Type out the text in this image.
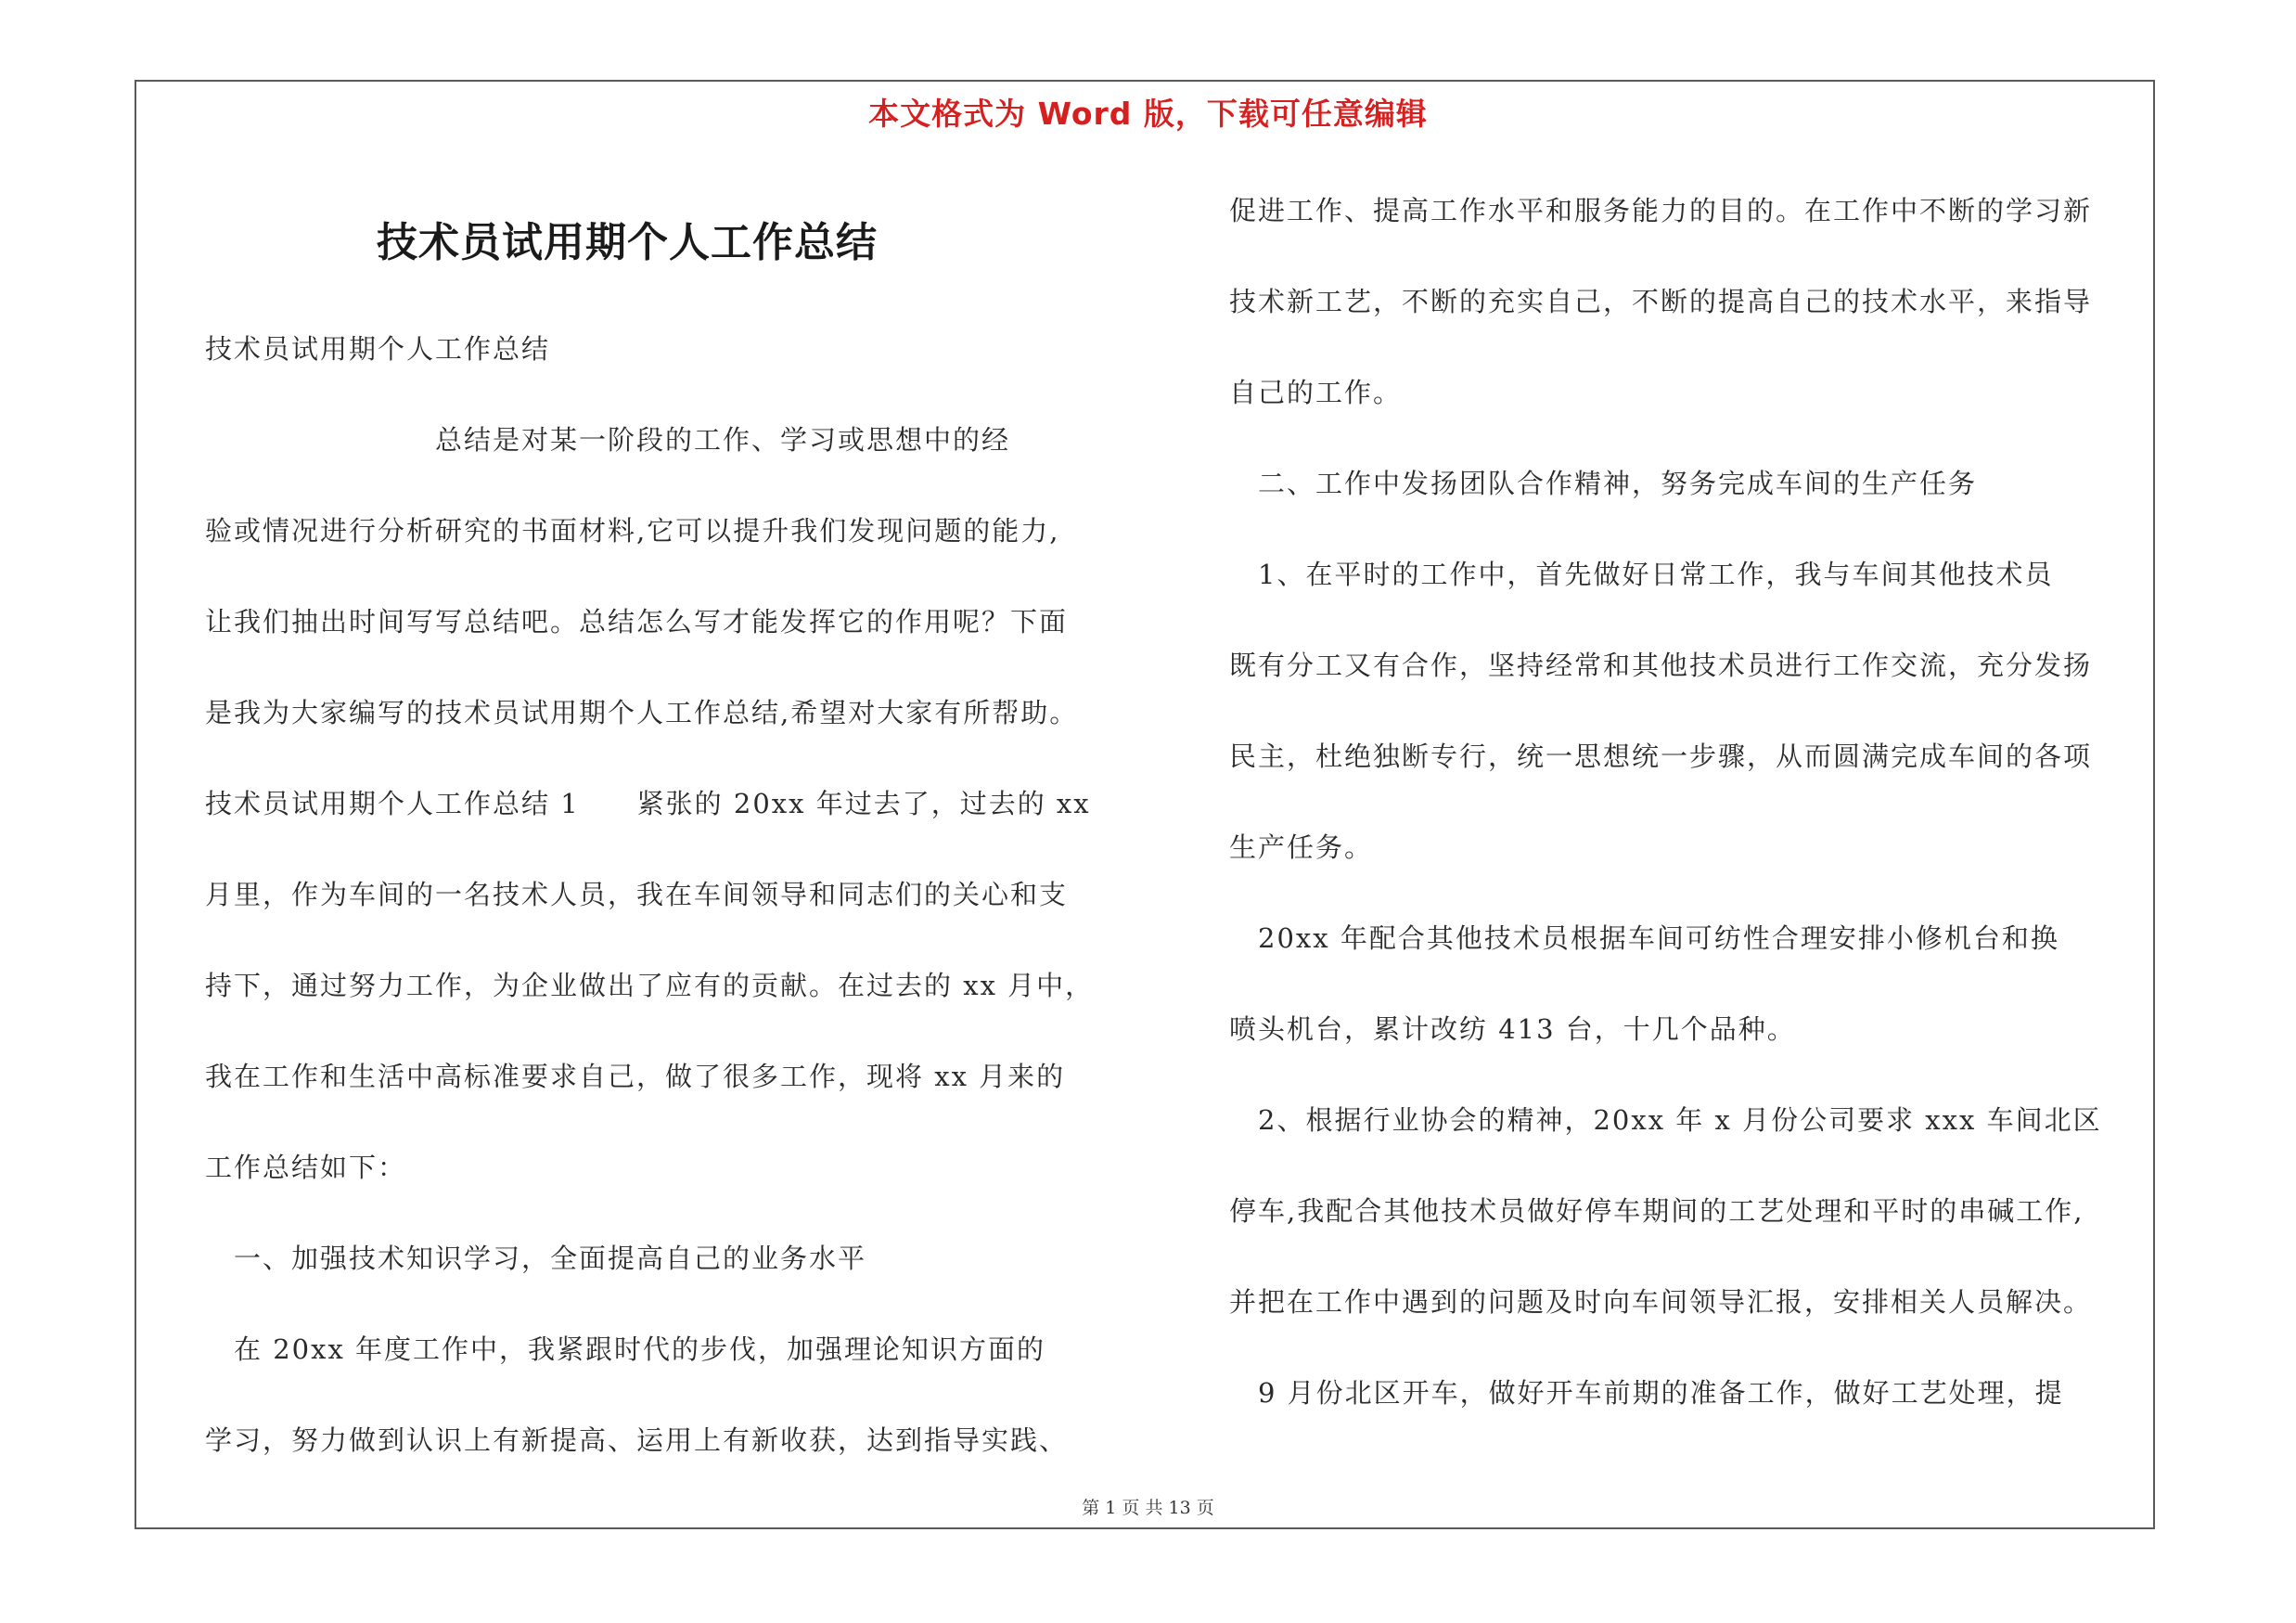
本文格式为 Word 版，下载可任意编辑
技术员试用期个人工作总结

技术员试用期个人工作总结

　　　　　　　　总结是对某一阶段的工作、学习或思想中的经

验或情况进行分析研究的书面材料,它可以提升我们发现问题的能力,

让我们抽出时间写写总结吧。总结怎么写才能发挥它的作用呢？下面

是我为大家编写的技术员试用期个人工作总结,希望对大家有所帮助。

技术员试用期个人工作总结 1　　紧张的 20xx 年过去了，过去的 xx

月里，作为车间的一名技术人员，我在车间领导和同志们的关心和支

持下，通过努力工作，为企业做出了应有的贡献。在过去的 xx 月中，

我在工作和生活中高标准要求自己，做了很多工作，现将 xx 月来的

工作总结如下：

　一、加强技术知识学习，全面提高自己的业务水平

　在 20xx 年度工作中，我紧跟时代的步伐，加强理论知识方面的

学习，努力做到认识上有新提高、运用上有新收获，达到指导实践、

促进工作、提高工作水平和服务能力的目的。在工作中不断的学习新

技术新工艺，不断的充实自己，不断的提高自己的技术水平，来指导

自己的工作。

　二、工作中发扬团队合作精神，努务完成车间的生产任务

　1、在平时的工作中，首先做好日常工作，我与车间其他技术员

既有分工又有合作，坚持经常和其他技术员进行工作交流，充分发扬

民主，杜绝独断专行，统一思想统一步骤，从而圆满完成车间的各项

生产任务。

　20xx 年配合其他技术员根据车间可纺性合理安排小修机台和换

喷头机台，累计改纺 413 台，十几个品种。

　2、根据行业协会的精神，20xx 年 x 月份公司要求 xxx 车间北区

停车,我配合其他技术员做好停车期间的工艺处理和平时的串碱工作,

并把在工作中遇到的问题及时向车间领导汇报，安排相关人员解决。

　9 月份北区开车，做好开车前期的准备工作，做好工艺处理，提

第 1 页 共 13 页
